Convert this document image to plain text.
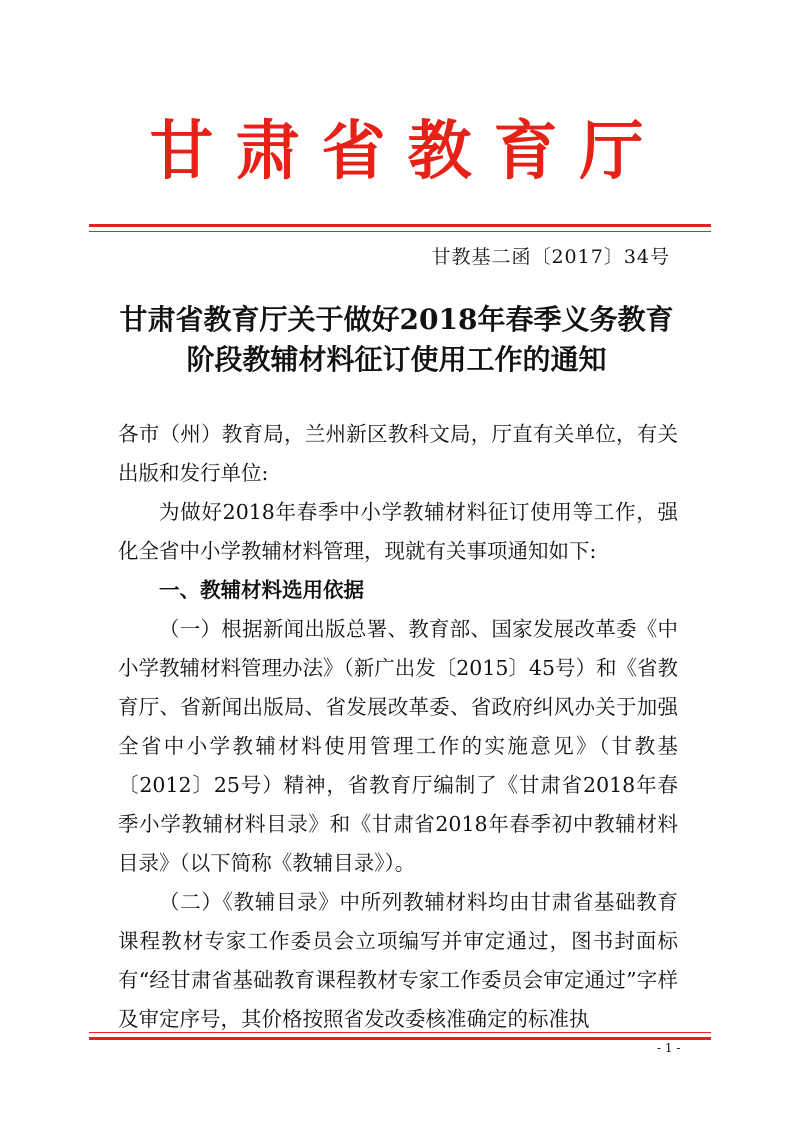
甘肃省教育厅
甘教基二函〔2017〕34号
甘肃省教育厅关于做好2018年春季义务教育
阶段教辅材料征订使用工作的通知

各市（州）教育局，兰州新区教科文局，厅直有关单位，有关出版和发行单位:

为做好2018年春季中小学教辅材料征订使用等工作，强化全省中小学教辅材料管理，现就有关事项通知如下:

一、教辅材料选用依据

（一）根据新闻出版总署、教育部、国家发展改革委《中小学教辅材料管理办法》（新广出发〔2015〕45号）和《省教育厅、省新闻出版局、省发展改革委、省政府纠风办关于加强全省中小学教辅材料使用管理工作的实施意见》（甘教基〔2012〕25号）精神，省教育厅编制了《甘肃省2018年春季小学教辅材料目录》和《甘肃省2018年春季初中教辅材料目录》（以下简称《教辅目录》）。

（二）《教辅目录》中所列教辅材料均由甘肃省基础教育课程教材专家工作委员会立项编写并审定通过，图书封面标有“经甘肃省基础教育课程教材专家工作委员会审定通过”字样及审定序号，其价格按照省发改委核准确定的标准执

- 1 -
